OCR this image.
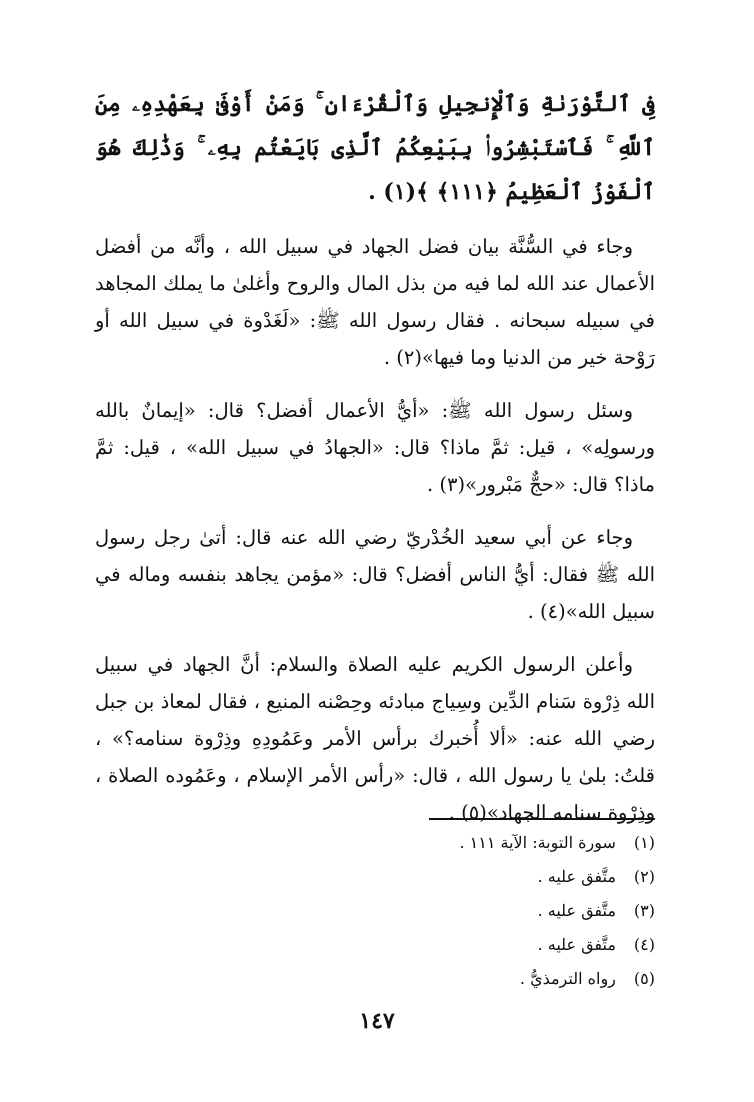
فِى ٱلتَّوْرَىٰةِ وَٱلْإِنجِيلِ وَٱلْقُرْءَانِ ۚ وَمَنْ أَوْفَىٰ بِعَهْدِهِۦ مِنَ ٱللَّهِ ۚ فَٱسْتَبْشِرُوا۟ بِبَيْعِكُمُ ٱلَّذِى بَايَعْتُم بِهِۦ ۚ وَذَٰلِكَ هُوَ ٱلْفَوْزُ ٱلْعَظِيمُ ﴿١١١﴾ ﴾(١) .

وجاء في السُّنَّة بيان فضل الجهاد في سبيل الله ، وأنَّه من أفضل الأعمال عند الله لما فيه من بذل المال والروح وأغلىٰ ما يملك المجاهد في سبيله سبحانه . فقال رسول الله ﷺ: «لَغَدْوة في سبيل الله أو رَوْحة خير من الدنيا وما فيها»(٢) .

وسئل رسول الله ﷺ: «أيُّ الأعمال أفضل؟ قال: «إيمانٌ بالله ورسولِه» ، قيل: ثمَّ ماذا؟ قال: «الجهادُ في سبيل الله» ، قيل: ثمَّ ماذا؟ قال: «حجٌّ مَبْرور»(٣) .

وجاء عن أبي سعيد الخُدْريّ رضي الله عنه قال: أتىٰ رجل رسول الله ﷺ فقال: أيُّ الناس أفضل؟ قال: «مؤمن يجاهد بنفسه وماله في سبيل الله»(٤) .

وأعلن الرسول الكريم عليه الصلاة والسلام: أنَّ الجهاد في سبيل الله ذِرْوة سَنام الدِّين وسِياج مبادئه وحِصْنه المنيع ، فقال لمعاذ بن جبل رضي الله عنه: «ألا أُخبرك برأس الأمر وعَمُودِهِ وذِرْوة سنامه؟» ، قلتُ: بلىٰ يا رسول الله ، قال: «رأس الأمر الإسلام ، وعَمُوده الصلاة ، وذِرْوة سنامه الجهاد»(٥) .

(١) سورة التوبة: الآية ١١١ .
(٢) متَّفق عليه .
(٣) متَّفق عليه .
(٤) متَّفق عليه .
(٥) رواه الترمذيُّ .
١٤٧
